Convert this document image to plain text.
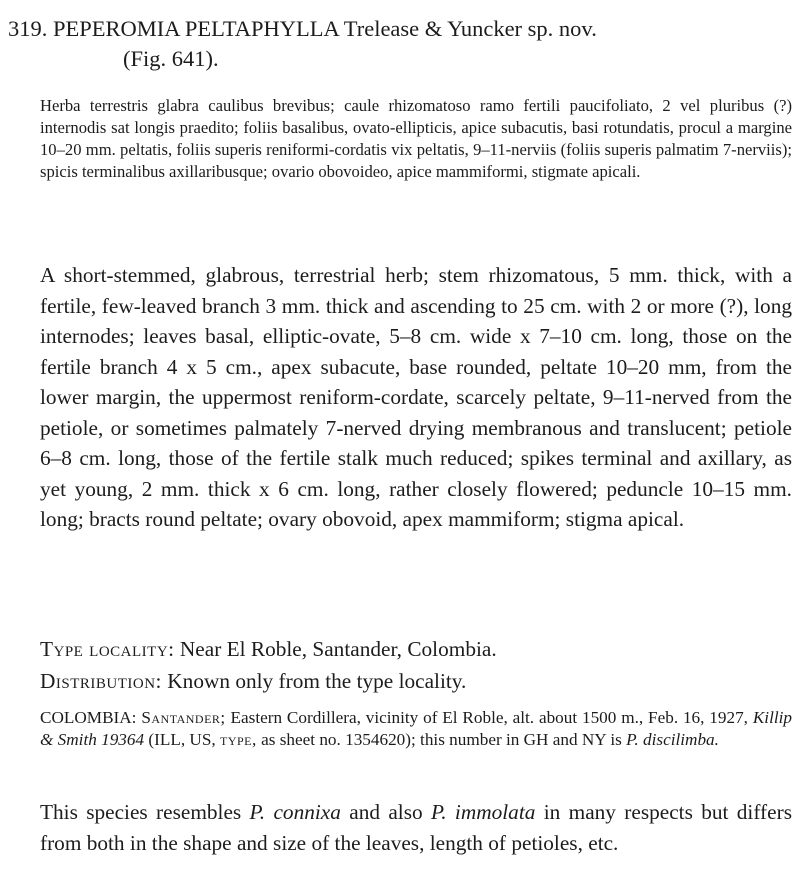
319. PEPEROMIA PELTAPHYLLA Trelease & Yuncker sp. nov.
(Fig. 641).
Herba terrestris glabra caulibus brevibus; caule rhizomatoso ramo fertili paucifoliato, 2 vel pluribus (?) internodis sat longis praedito; foliis basalibus, ovato-ellipticis, apice subacutis, basi rotundatis, procul a margine 10–20 mm. peltatis, foliis superis reniformi-cordatis vix peltatis, 9–11-nerviis (foliis superis palmatim 7-nerviis); spicis terminalibus axillaribusque; ovario obovoideo, apice mammiformi, stigmate apicali.
A short-stemmed, glabrous, terrestrial herb; stem rhizomatous, 5 mm. thick, with a fertile, few-leaved branch 3 mm. thick and ascending to 25 cm. with 2 or more (?), long internodes; leaves basal, elliptic-ovate, 5–8 cm. wide x 7–10 cm. long, those on the fertile branch 4 x 5 cm., apex subacute, base rounded, peltate 10–20 mm, from the lower margin, the uppermost reniform-cordate, scarcely peltate, 9–11-nerved from the petiole, or sometimes palmately 7-nerved drying membranous and translucent; petiole 6–8 cm. long, those of the fertile stalk much reduced; spikes terminal and axillary, as yet young, 2 mm. thick x 6 cm. long, rather closely flowered; peduncle 10–15 mm. long; bracts round peltate; ovary obovoid, apex mammiform; stigma apical.
Type locality: Near El Roble, Santander, Colombia.
Distribution: Known only from the type locality.
COLOMBIA: Santander; Eastern Cordillera, vicinity of El Roble, alt. about 1500 m., Feb. 16, 1927, Killip & Smith 19364 (ILL, US, type, as sheet no. 1354620); this number in GH and NY is P. discilimba.
This species resembles P. connixa and also P. immolata in many respects but differs from both in the shape and size of the leaves, length of petioles, etc.
